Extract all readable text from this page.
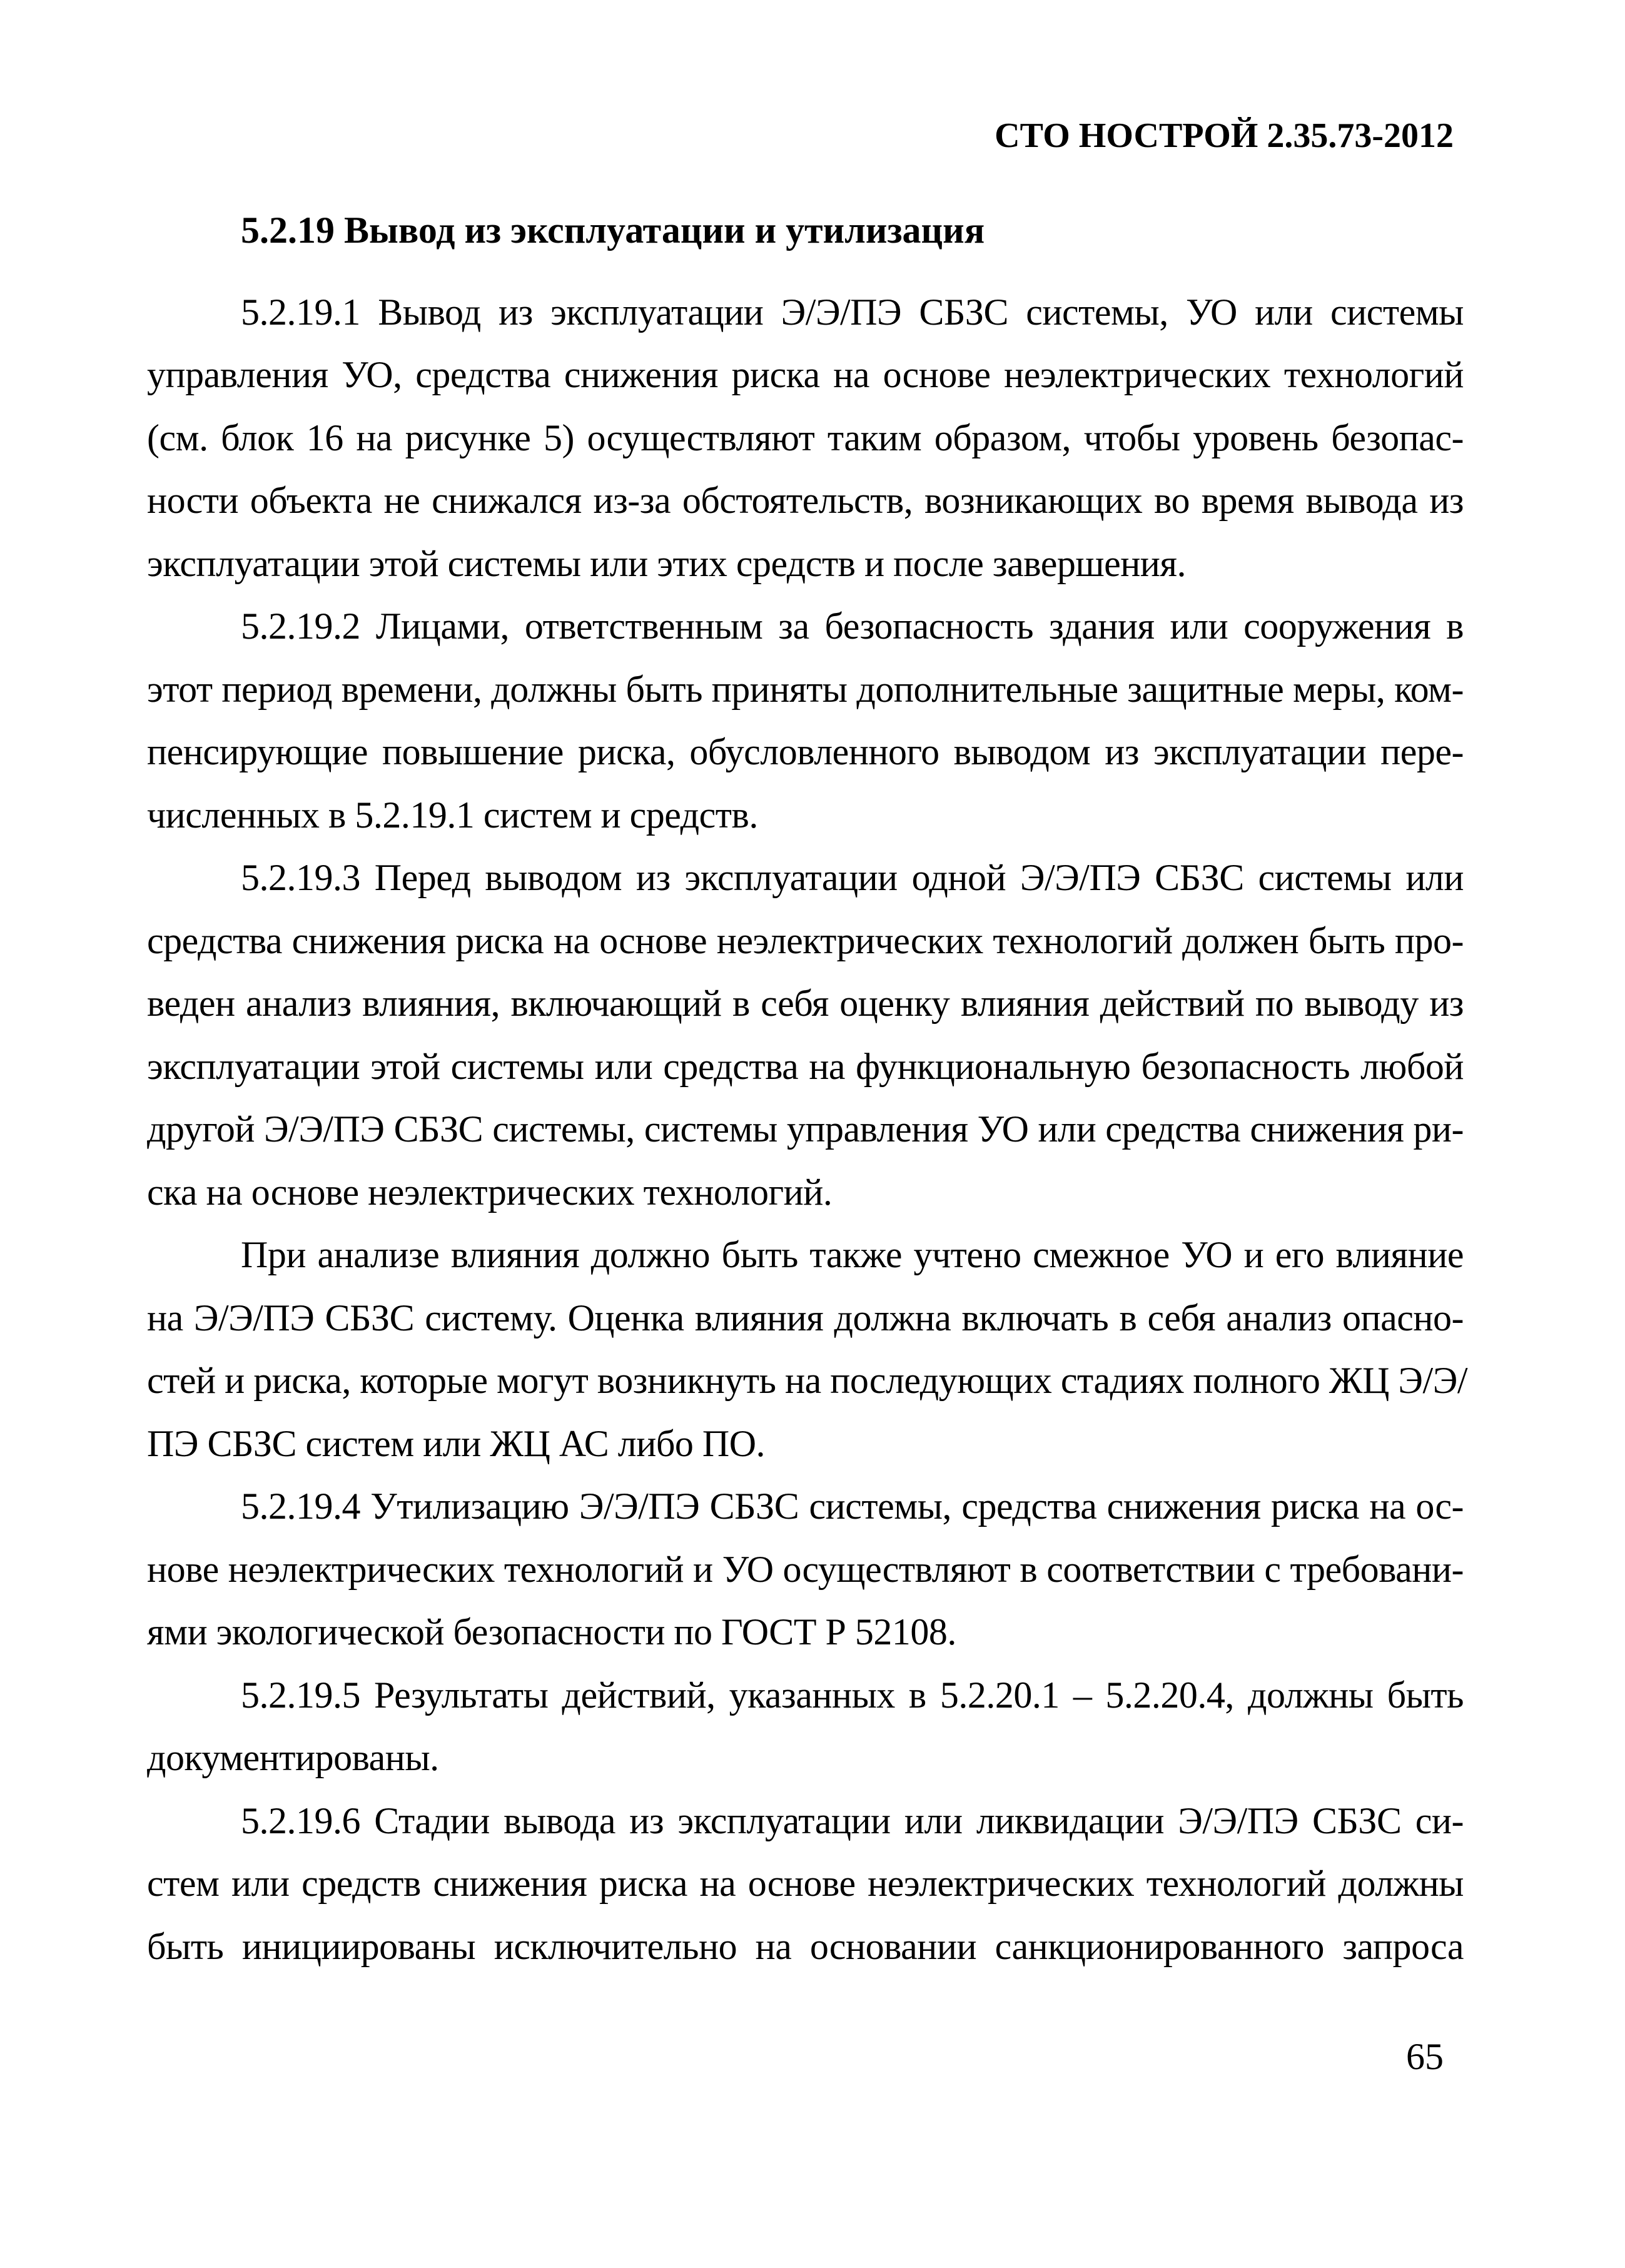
СТО НОСТРОЙ 2.35.73-2012
5.2.19 Вывод из эксплуатации и утилизация

5.2.19.1 Вывод из эксплуатации Э/Э/ПЭ СБЗС системы, УО или системы
управления УО, средства снижения риска на основе неэлектрических технологий
(см. блок 16 на рисунке 5) осуществляют таким образом, чтобы уровень безопас-
ности объекта не снижался из-за обстоятельств, возникающих во время вывода из
эксплуатации этой системы или этих средств и после завершения.

5.2.19.2 Лицами, ответственным за безопасность здания или сооружения в
этот период времени, должны быть приняты дополнительные защитные меры, ком-
пенсирующие повышение риска, обусловленного выводом из эксплуатации пере-
численных в 5.2.19.1 систем и средств.

5.2.19.3 Перед выводом из эксплуатации одной Э/Э/ПЭ СБЗС системы или
средства снижения риска на основе неэлектрических технологий должен быть про-
веден анализ влияния, включающий в себя оценку влияния действий по выводу из
эксплуатации этой системы или средства на функциональную безопасность любой
другой Э/Э/ПЭ СБЗС системы, системы управления УО или средства снижения ри-
ска на основе неэлектрических технологий.

При анализе влияния должно быть также учтено смежное УО и его влияние
на Э/Э/ПЭ СБЗС систему. Оценка влияния должна включать в себя анализ опасно-
стей и риска, которые могут возникнуть на последующих стадиях полного ЖЦ Э/Э/
ПЭ СБЗС систем или ЖЦ АС либо ПО.

5.2.19.4 Утилизацию Э/Э/ПЭ СБЗС системы, средства снижения риска на ос-
нове неэлектрических технологий и УО осуществляют в соответствии с требовани-
ями экологической безопасности по ГОСТ Р 52108.

5.2.19.5 Результаты действий, указанных в 5.2.20.1 – 5.2.20.4, должны быть
документированы.

5.2.19.6 Стадии вывода из эксплуатации или ликвидации Э/Э/ПЭ СБЗС си-
стем или средств снижения риска на основе неэлектрических технологий должны
быть инициированы исключительно на основании санкционированного запроса

65
